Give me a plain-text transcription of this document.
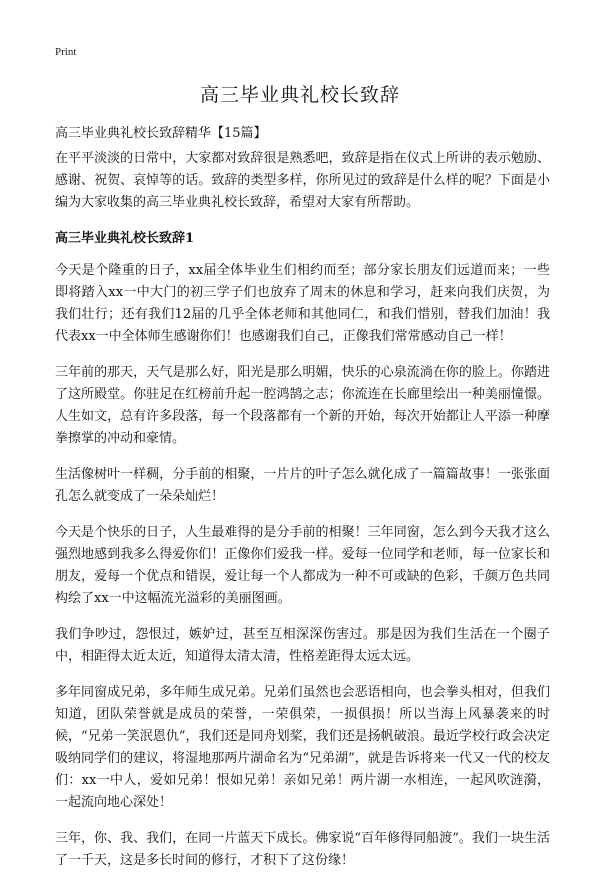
Print
高三毕业典礼校长致辞
高三毕业典礼校长致辞精华【15篇】

在平平淡淡的日常中，大家都对致辞很是熟悉吧，致辞是指在仪式上所讲的表示勉励、感谢、祝贺、哀悼等的话。致辞的类型多样，你所见过的致辞是什么样的呢？下面是小编为大家收集的高三毕业典礼校长致辞，希望对大家有所帮助。

高三毕业典礼校长致辞1

今天是个隆重的日子，xx届全体毕业生们相约而至；部分家长朋友们远道而来；一些即将踏入xx一中大门的初三学子们也放弃了周末的休息和学习，赶来向我们庆贺，为我们壮行；还有我们12届的几乎全体老师和其他同仁，和我们惜别，替我们加油！我代表xx一中全体师生感谢你们！也感谢我们自己，正像我们常常感动自己一样！

三年前的那天，天气是那么好，阳光是那么明媚，快乐的心泉流淌在你的脸上。你踏进了这所殿堂。你驻足在红榜前升起一腔鸿鹄之志；你流连在长廊里绘出一种美丽憧憬。人生如文，总有许多段落，每一个段落都有一个新的开始，每次开始都让人平添一种摩拳擦掌的冲动和豪情。

生活像树叶一样稠，分手前的相聚，一片片的叶子怎么就化成了一篇篇故事！一张张面孔怎么就变成了一朵朵灿烂！

今天是个快乐的日子，人生最难得的是分手前的相聚！三年同窗，怎么到今天我才这么强烈地感到我多么得爱你们！正像你们爱我一样。爱每一位同学和老师，每一位家长和朋友，爱每一个优点和错误，爱让每一个人都成为一种不可或缺的色彩，千颜万色共同构绘了xx一中这幅流光溢彩的美丽图画。

我们争吵过，怨恨过，嫉妒过，甚至互相深深伤害过。那是因为我们生活在一个圈子中，相距得太近太近，知道得太清太清，性格差距得太远太远。

多年同窗成兄弟，多年师生成兄弟。兄弟们虽然也会恶语相向，也会拳头相对，但我们知道，团队荣誉就是成员的荣誉，一荣俱荣，一损俱损！所以当海上风暴袭来的时候，“兄弟一笑泯恩仇”，我们还是同舟划桨，我们还是扬帆破浪。最近学校行政会决定吸纳同学们的建议，将湿地那两片湖命名为“兄弟湖”，就是告诉将来一代又一代的校友们：xx一中人，爱如兄弟！恨如兄弟！亲如兄弟！两片湖一水相连，一起风吹涟漪，一起流向地心深处！

三年，你、我、我们，在同一片蓝天下成长。佛家说“百年修得同船渡”。我们一块生活了一千天，这是多长时间的修行，才积下了这份缘！
